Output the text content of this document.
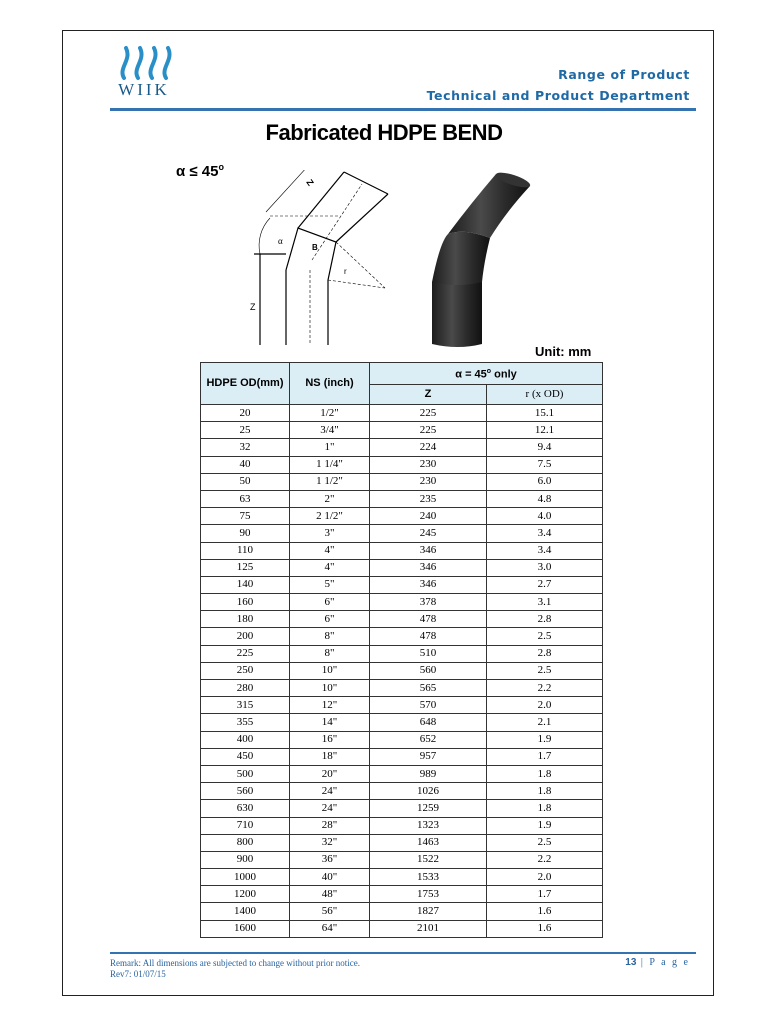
WIIK
Range of Product
Technical and Product Department
Fabricated HDPE BEND
$\alpha \le 45^o$
α
Z
Z
B
r
Unit: mm
HDPE OD(mm)	NS (inch)	$\alpha = 45^o$ only	
		Z	r (x OD)
20	1/2"	225	15.1
25	3/4"	225	12.1
32	1"	224	9.4
40	1 1/4"	230	7.5
50	1 1/2"	230	6.0
63	2"	235	4.8
75	2 1/2"	240	4.0
90	3"	245	3.4
110	4"	346	3.4
125	4"	346	3.0
140	5"	346	2.7
160	6"	378	3.1
180	6"	478	2.8
200	8"	478	2.5
225	8"	510	2.8
250	10"	560	2.5
280	10"	565	2.2
315	12"	570	2.0
355	14"	648	2.1
400	16"	652	1.9
450	18"	957	1.7
500	20"	989	1.8
560	24"	1026	1.8
630	24"	1259	1.8
710	28"	1323	1.9
800	32"	1463	2.5
900	36"	1522	2.2
1000	40"	1533	2.0
1200	48"	1753	1.7
1400	56"	1827	1.6
1600	64"	2101	1.6
Remark: All dimensions are subjected to change without prior notice.
Rev7: 01/07/15
13 | P a g e
